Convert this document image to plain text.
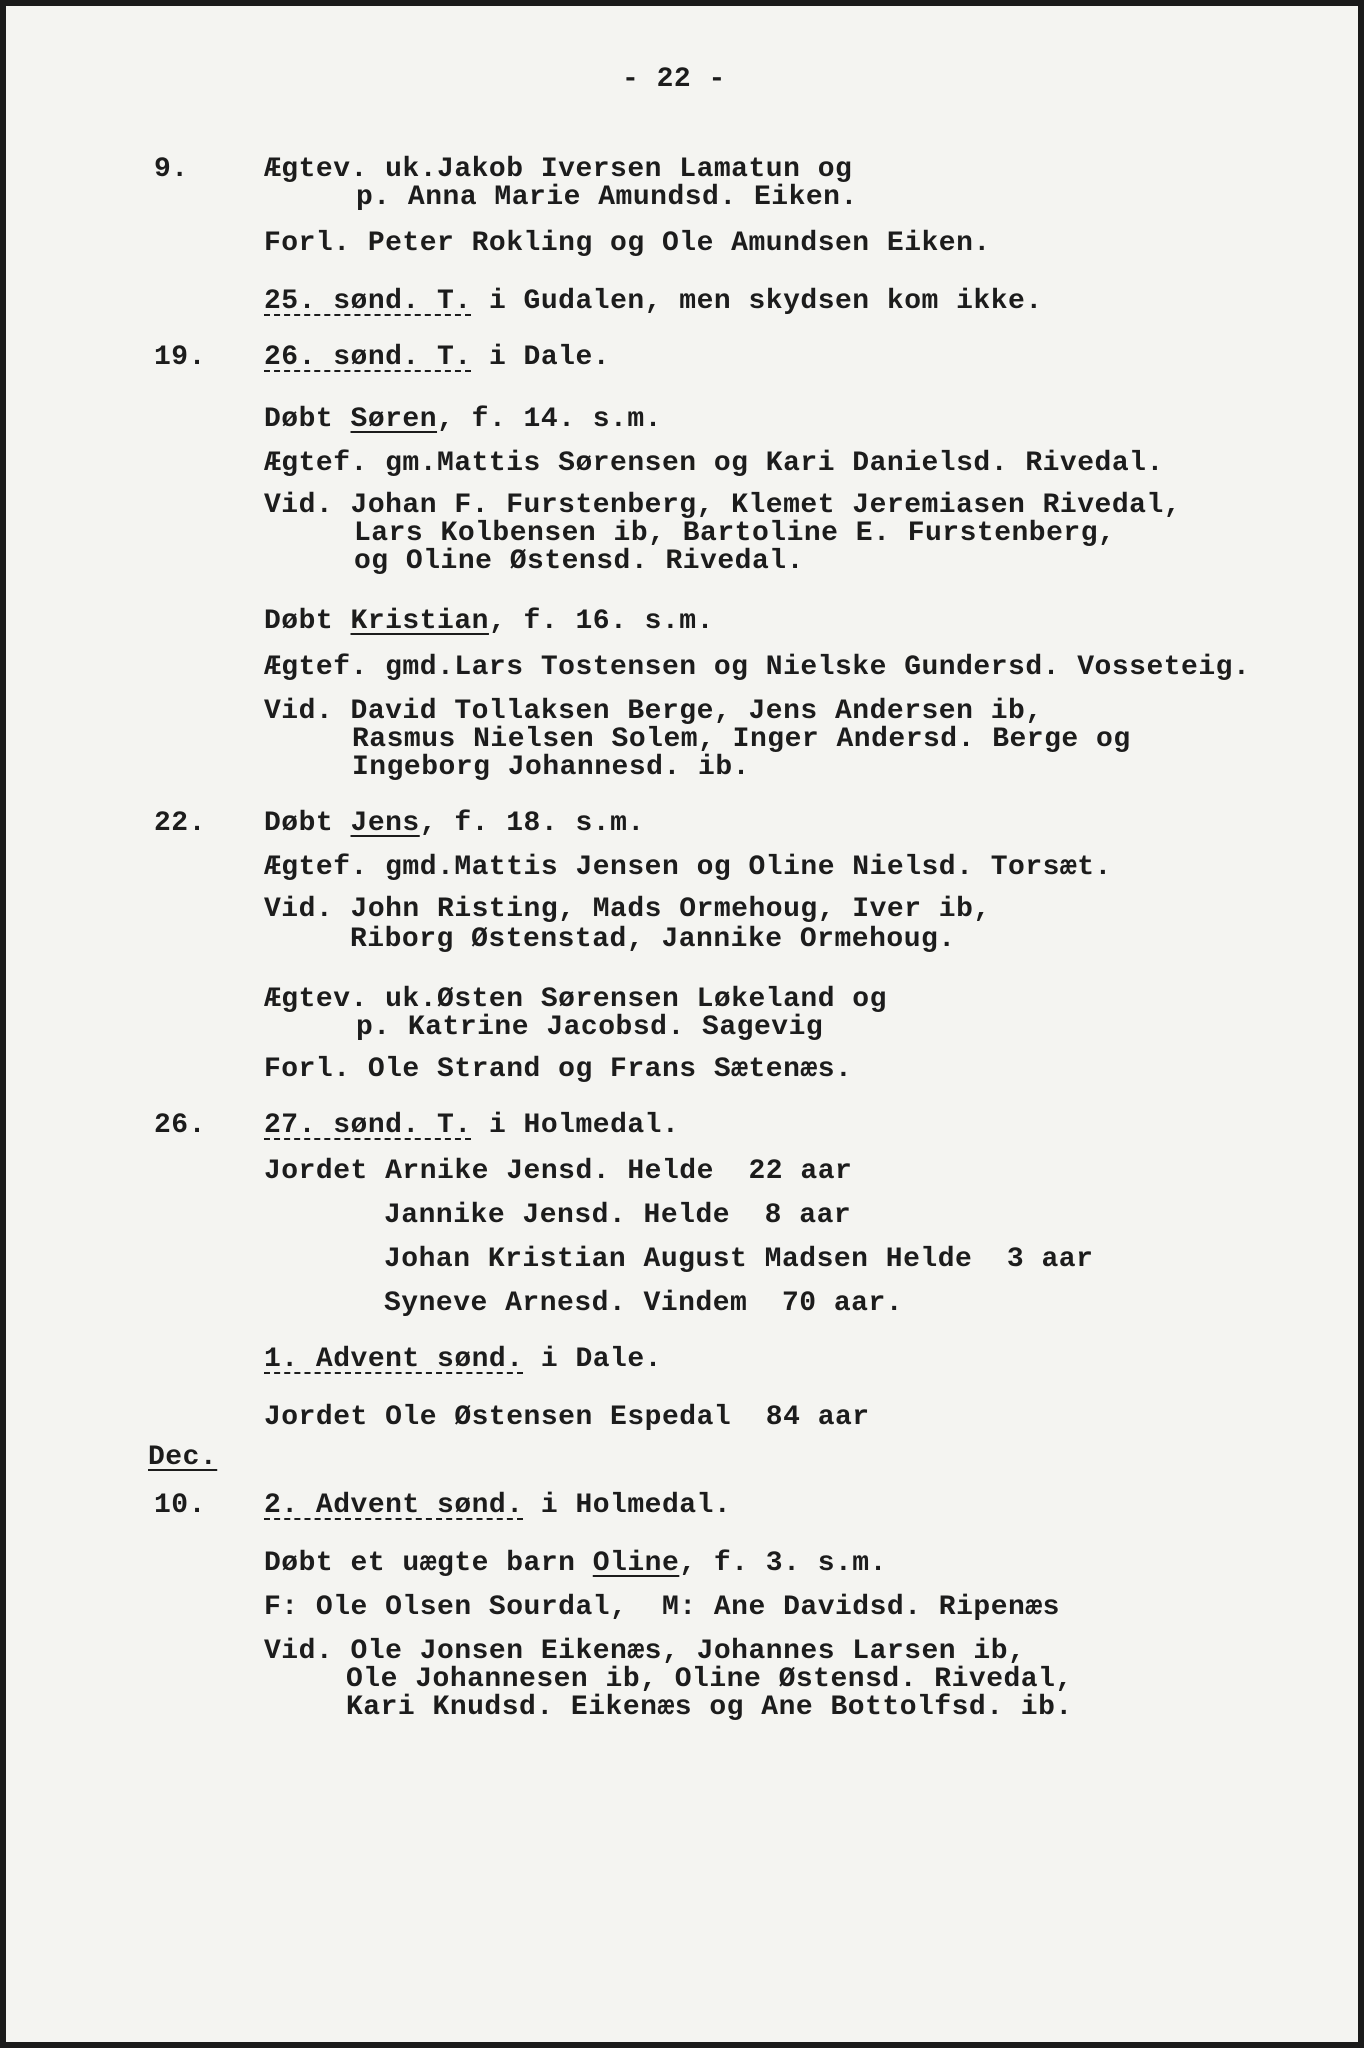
- 22 -
9.
19.
22.
26.
Dec.
10.
Ægtev. uk.Jakob Iversen Lamatun og
p. Anna Marie Amundsd. Eiken.
Forl. Peter Rokling og Ole Amundsen Eiken.
25. sønd. T. i Gudalen, men skydsen kom ikke.
26. sønd. T. i Dale.
Døbt Søren, f. 14. s.m.
Ægtef. gm.Mattis Sørensen og Kari Danielsd. Rivedal.
Vid. Johan F. Furstenberg, Klemet Jeremiasen Rivedal,
Lars Kolbensen ib, Bartoline E. Furstenberg,
og Oline Østensd. Rivedal.
Døbt Kristian, f. 16. s.m.
Ægtef. gmd.Lars Tostensen og Nielske Gundersd. Vosseteig.
Vid. David Tollaksen Berge, Jens Andersen ib,
Rasmus Nielsen Solem, Inger Andersd. Berge og
Ingeborg Johannesd. ib.
Døbt Jens, f. 18. s.m.
Ægtef. gmd.Mattis Jensen og Oline Nielsd. Torsæt.
Vid. John Risting, Mads Ormehoug, Iver ib,
Riborg Østenstad, Jannike Ormehoug.
Ægtev. uk.Østen Sørensen Løkeland og
p. Katrine Jacobsd. Sagevig
Forl. Ole Strand og Frans Sætenæs.
27. sønd. T. i Holmedal.
Jordet Arnike Jensd. Helde  22 aar
Jannike Jensd. Helde  8 aar
Johan Kristian August Madsen Helde  3 aar
Syneve Arnesd. Vindem  70 aar.
1. Advent sønd. i Dale.
Jordet Ole Østensen Espedal  84 aar
2. Advent sønd. i Holmedal.
Døbt et uægte barn Oline, f. 3. s.m.
F: Ole Olsen Sourdal,  M: Ane Davidsd. Ripenæs
Vid. Ole Jonsen Eikenæs, Johannes Larsen ib,
Ole Johannesen ib, Oline Østensd. Rivedal,
Kari Knudsd. Eikenæs og Ane Bottolfsd. ib.
